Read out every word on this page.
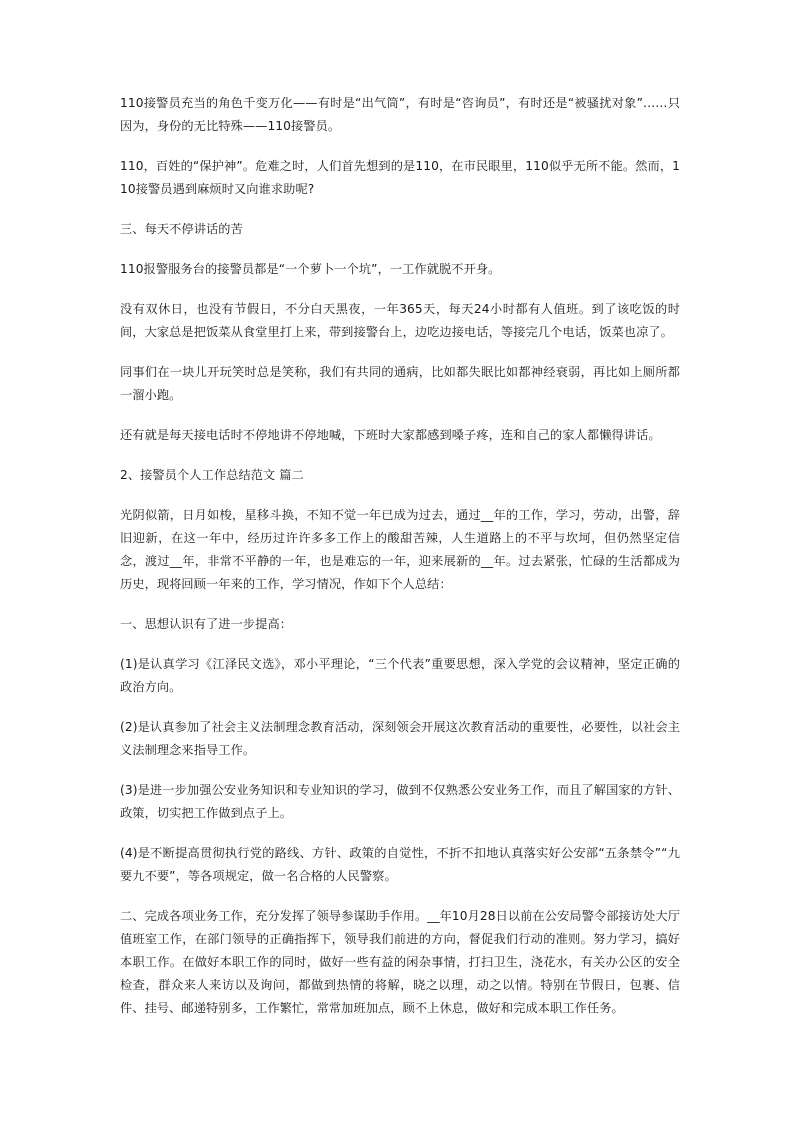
110接警员充当的角色千变万化——有时是“出气筒”，有时是“咨询员”，有时还是“被骚扰对象”……只因为，身份的无比特殊——110接警员。

110，百姓的“保护神”。危难之时，人们首先想到的是110，在市民眼里，110似乎无所不能。然而，110接警员遇到麻烦时又向谁求助呢?

三、每天不停讲话的苦

110报警服务台的接警员都是“一个萝卜一个坑”，一工作就脱不开身。

没有双休日，也没有节假日，不分白天黑夜，一年365天，每天24小时都有人值班。到了该吃饭的时间，大家总是把饭菜从食堂里打上来，带到接警台上，边吃边接电话，等接完几个电话，饭菜也凉了。

同事们在一块儿开玩笑时总是笑称，我们有共同的通病，比如都失眠比如都神经衰弱，再比如上厕所都一溜小跑。

还有就是每天接电话时不停地讲不停地喊，下班时大家都感到嗓子疼，连和自己的家人都懒得讲话。

2、接警员个人工作总结范文 篇二

光阴似箭，日月如梭，星移斗换，不知不觉一年已成为过去，通过__年的工作，学习，劳动，出警，辞旧迎新，在这一年中，经历过许许多多工作上的酸甜苦辣，人生道路上的不平与坎坷，但仍然坚定信念，渡过__年，非常不平静的一年，也是难忘的一年，迎来展新的__年。过去紧张，忙碌的生活都成为历史，现将回顾一年来的工作，学习情况，作如下个人总结：

一、思想认识有了进一步提高：

(1)是认真学习《江泽民文选》，邓小平理论，“三个代表”重要思想，深入学党的会议精神，坚定正确的政治方向。

(2)是认真参加了社会主义法制理念教育活动，深刻领会开展这次教育活动的重要性，必要性，以社会主义法制理念来指导工作。

(3)是进一步加强公安业务知识和专业知识的学习，做到不仅熟悉公安业务工作，而且了解国家的方针、政策，切实把工作做到点子上。

(4)是不断提高贯彻执行党的路线、方针、政策的自觉性，不折不扣地认真落实好公安部“五条禁令”“九要九不要”，等各项规定，做一名合格的人民警察。

二、完成各项业务工作，充分发挥了领导参谋助手作用。__年10月28日以前在公安局警令部接访处大厅值班室工作，在部门领导的正确指挥下，领导我们前进的方向，督促我们行动的准则。努力学习，搞好本职工作。在做好本职工作的同时，做好一些有益的闲杂事情，打扫卫生，浇花水，有关办公区的安全检查，群众来人来访以及询问，都做到热情的将解，晓之以理，动之以情。特别在节假日，包裹、信件、挂号、邮递特别多，工作繁忙，常常加班加点，顾不上休息，做好和完成本职工作任务。
